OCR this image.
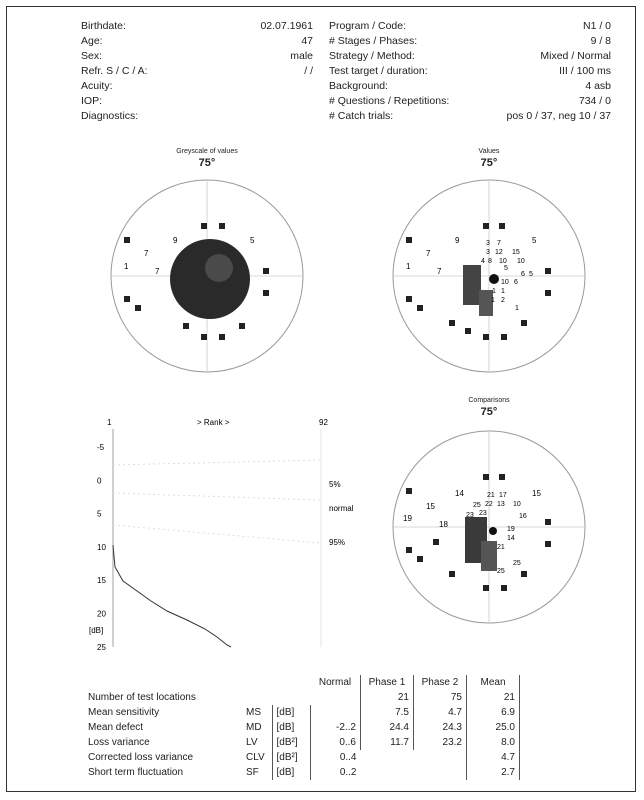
Birthdate:	02.07.1961
Age:	47
Sex:	male
Refr. S / C / A:	/ /
Acuity:
IOP:
Diagnostics:
Program / Code:	N1 / 0
# Stages / Phases:	9 / 8
Strategy / Method:	Mixed / Normal
Test target / duration:	III / 100 ms
Background:	4 asb
# Questions / Repetitions:	734 / 0
# Catch trials:	pos 0 / 37, neg 10 / 37
Greyscale of values
75°
1
7
9	5
7
Values
75°
1
7
9
7
5
3 7
3 12 15
4 8 10 10
5
6
10 6
5
1 1
2
1
1
1	> Rank >	92
-5
0
5
10
15
20
25
5%
normal
95%
[dB]
Comparisons
75°
14	21 17	15
15	25 22 13 10
19
18
23 23
19
16
14
21
25
25
			Normal	Phase 1	Phase 2	Mean
Number of test locations				21	75	21
Mean sensitivity	MS	[dB]		7.5	4.7	6.9
Mean defect	MD	[dB]	-2..2	24.4	24.3	25.0
Loss variance	LV	[dB²]	0..6	11.7	23.2	8.0
Corrected loss variance	CLV	[dB²]	0..4			4.7
Short term fluctuation	SF	[dB]	0..2			2.7
